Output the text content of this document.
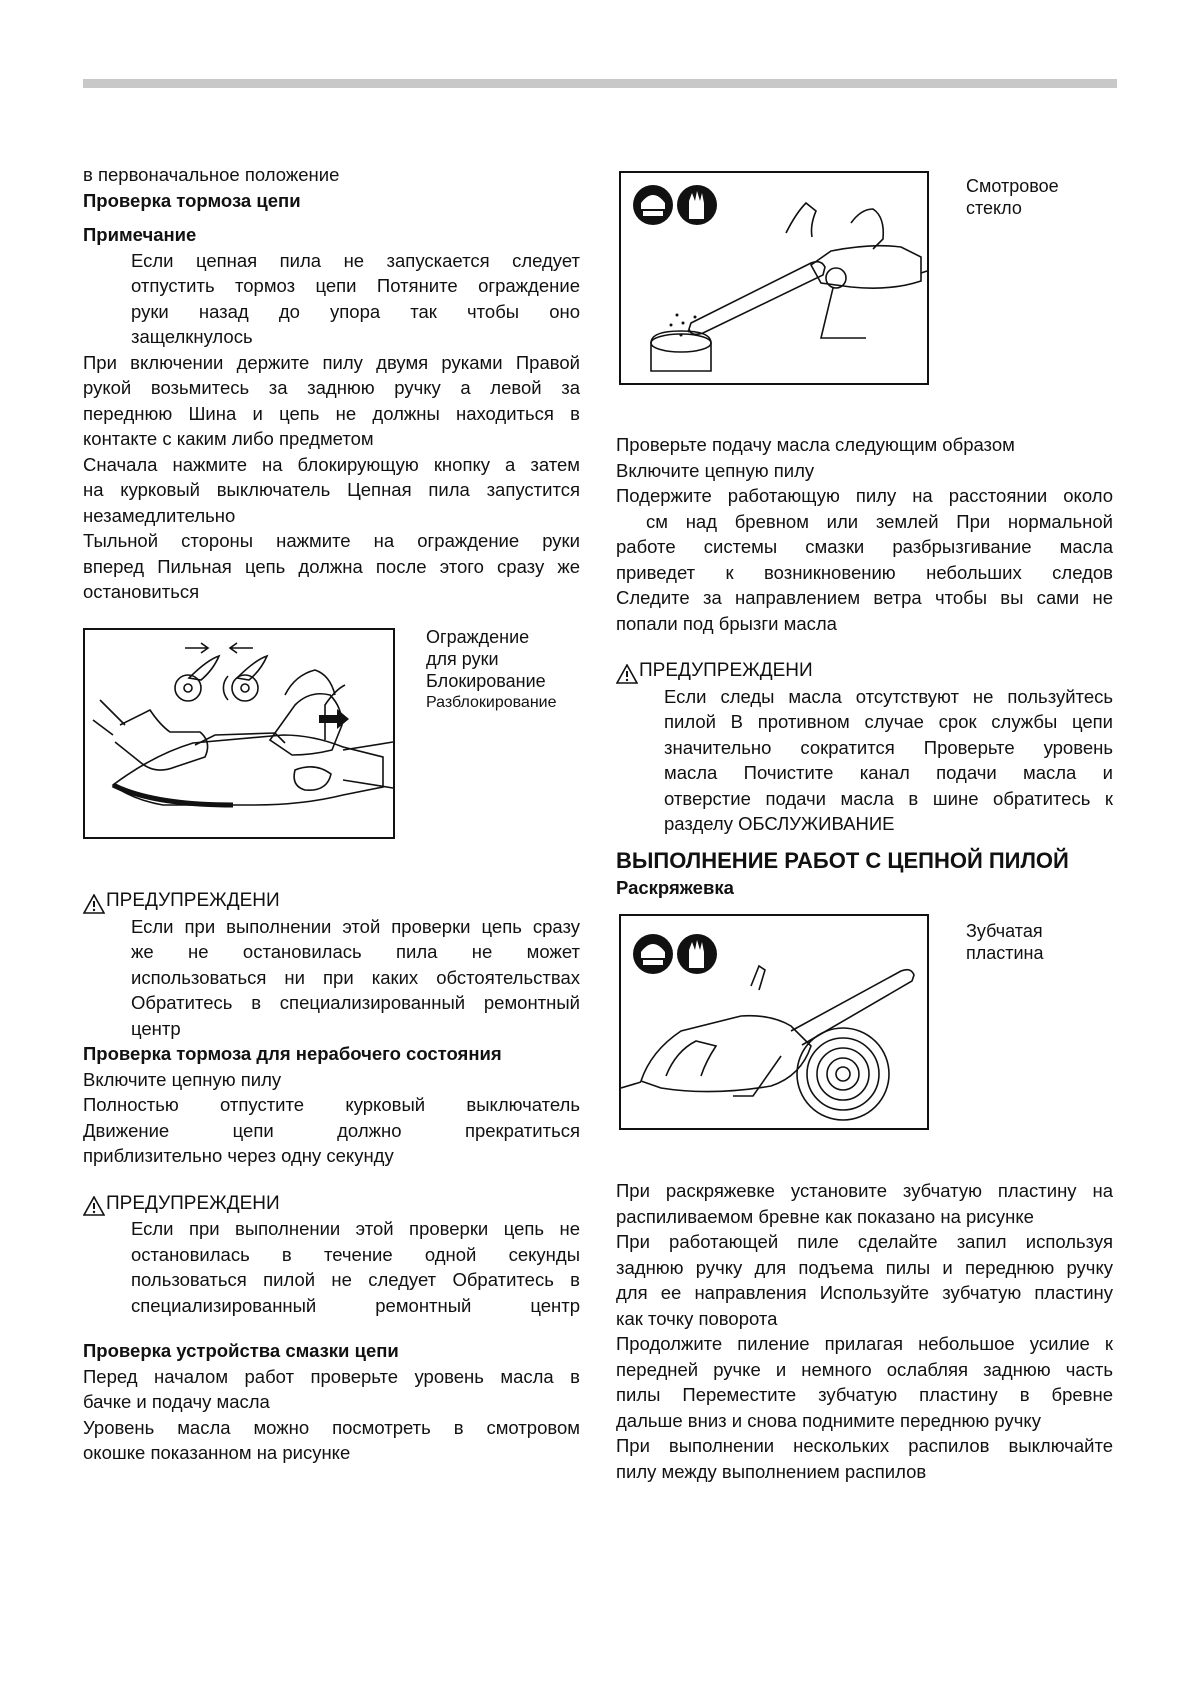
в первоначальное положение

Проверка тормоза цепи

Примечание

Если цепная пила не запускается следует

отпустить тормоз цепи Потяните ограждение

руки назад до упора так чтобы оно

защелкнулось

При включении держите пилу двумя руками Правой

рукой возьмитесь за заднюю ручку а левой за

переднюю Шина и цепь не должны находиться в

контакте с каким либо предметом

Сначала нажмите на блокирующую кнопку а затем

на курковый выключатель Цепная пила запустится

незамедлительно

Тыльной стороны нажмите на ограждение руки

вперед Пильная цепь должна после этого сразу же

остановиться

Ограждение
для руки
Блокирование
Разблокирование
ПРЕДУПРЕЖДЕНИ

Если при выполнении этой проверки цепь сразу

же не остановилась пила не может

использоваться ни при каких обстоятельствах

Обратитесь в специализированный ремонтный

центр

Проверка тормоза для нерабочего состояния

Включите цепную пилу

Полностью отпустите курковый выключатель

Движение цепи должно прекратиться

приблизительно через одну секунду

ПРЕДУПРЕЖДЕНИ

Если при выполнении этой проверки цепь не

остановилась в течение одной секунды

пользоваться пилой не следует Обратитесь в

специализированный ремонтный центр

Проверка устройства смазки цепи

Перед началом работ проверьте уровень масла в

бачке и подачу масла

Уровень масла можно посмотреть в смотровом

окошке показанном на рисунке

Смотровое
стекло

Проверьте подачу масла следующим образом

Включите цепную пилу

Подержите работающую пилу на расстоянии около

см над бревном или землей При нормальной

работе системы смазки разбрызгивание масла

приведет к возникновению небольших следов

Следите за направлением ветра чтобы вы сами не

попали под брызги масла

ПРЕДУПРЕЖДЕНИ

Если следы масла отсутствуют не пользуйтесь

пилой В противном случае срок службы цепи

значительно сократится Проверьте уровень

масла Почистите канал подачи масла и

отверстие подачи масла в шине обратитесь к

разделу ОБСЛУЖИВАНИЕ

ВЫПОЛНЕНИЕ РАБОТ С ЦЕПНОЙ ПИЛОЙ

Раскряжевка

Зубчатая
пластина

При раскряжевке установите зубчатую пластину на

распиливаемом бревне как показано на рисунке

При работающей пиле сделайте запил используя

заднюю ручку для подъема пилы и переднюю ручку

для ее направления Используйте зубчатую пластину

как точку поворота

Продолжите пиление прилагая небольшое усилие к

передней ручке и немного ослабляя заднюю часть

пилы Переместите зубчатую пластину в бревне

дальше вниз и снова поднимите переднюю ручку

При выполнении нескольких распилов выключайте

пилу между выполнением распилов
